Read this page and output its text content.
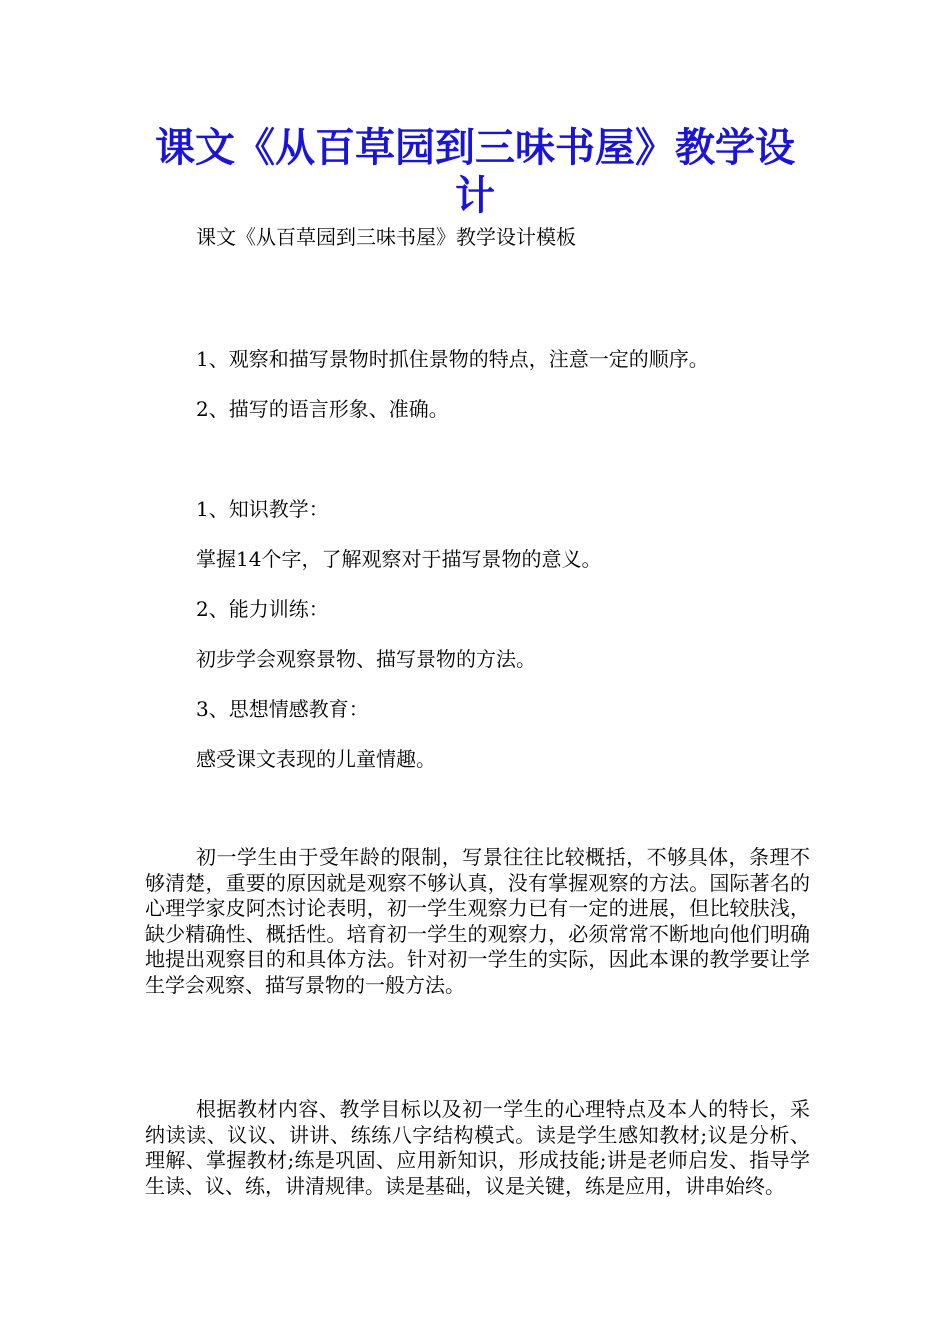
课文《从百草园到三味书屋》教学设计

课文《从百草园到三味书屋》教学设计模板

1、观察和描写景物时抓住景物的特点，注意一定的顺序。

2、描写的语言形象、准确。

1、知识教学：

掌握14个字，了解观察对于描写景物的意义。

2、能力训练：

初步学会观察景物、描写景物的方法。

3、思想情感教育：

感受课文表现的儿童情趣。

初一学生由于受年龄的限制，写景往往比较概括，不够具体，条理不够清楚，重要的原因就是观察不够认真，没有掌握观察的方法。国际著名的心理学家皮阿杰讨论表明，初一学生观察力已有一定的进展，但比较肤浅，缺少精确性、概括性。培育初一学生的观察力，必须常常不断地向他们明确地提出观察目的和具体方法。针对初一学生的实际，因此本课的教学要让学生学会观察、描写景物的一般方法。

根据教材内容、教学目标以及初一学生的心理特点及本人的特长，采纳读读、议议、讲讲、练练八字结构模式。读是学生感知教材;议是分析、理解、掌握教材;练是巩固、应用新知识，形成技能;讲是老师启发、指导学生读、议、练，讲清规律。读是基础，议是关键，练是应用，讲串始终。
